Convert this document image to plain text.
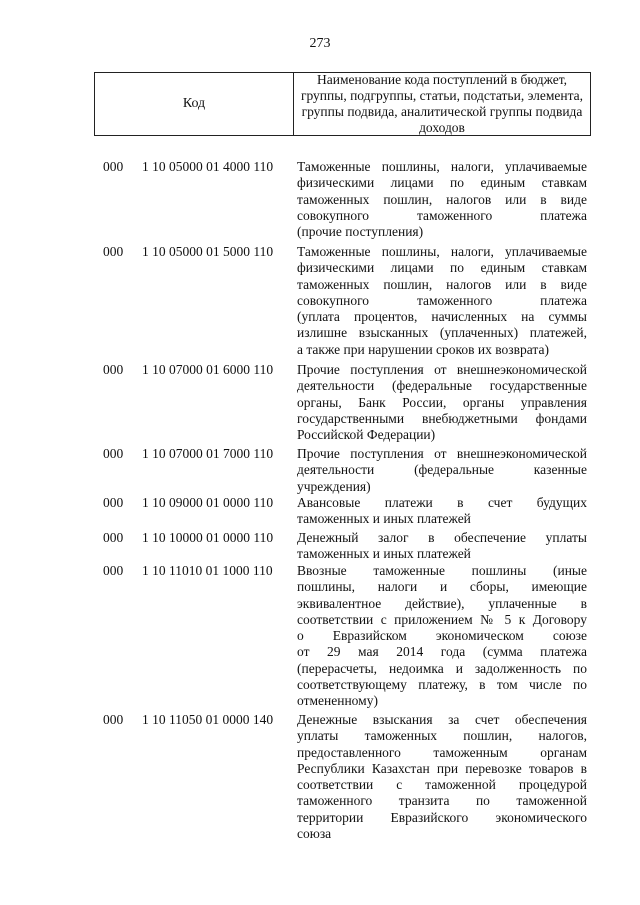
273
Код
Наименование кода поступлений в бюджет, группы, подгруппы, статьи, подстатьи, элемента, группы подвида, аналитической группы подвида доходов
000 1 10 05000 01 4000 110 Таможенные пошлины, налоги, уплачиваемые
физическими лицами по единым ставкам
таможенных пошлин, налогов или в виде
совокупного таможенного платежа
(прочие поступления)
000 1 10 05000 01 5000 110 Таможенные пошлины, налоги, уплачиваемые
физическими лицами по единым ставкам
таможенных пошлин, налогов или в виде
совокупного таможенного платежа
(уплата процентов, начисленных на суммы
излишне взысканных (уплаченных) платежей,
а также при нарушении сроков их возврата)
000 1 10 07000 01 6000 110 Прочие поступления от внешнеэкономической
деятельности (федеральные государственные
органы, Банк России, органы управления
государственными внебюджетными фондами
Российской Федерации)
000 1 10 07000 01 7000 110 Прочие поступления от внешнеэкономической
деятельности (федеральные казенные
учреждения)
000 1 10 09000 01 0000 110 Авансовые платежи в счет будущих
таможенных и иных платежей
000 1 10 10000 01 0000 110 Денежный залог в обеспечение уплаты
таможенных и иных платежей
000 1 10 11010 01 1000 110 Ввозные таможенные пошлины (иные
пошлины, налоги и сборы, имеющие
эквивалентное действие), уплаченные в
соответствии с приложением № 5 к Договору
о Евразийском экономическом союзе
от 29 мая 2014 года (сумма платежа
(перерасчеты, недоимка и задолженность по
соответствующему платежу, в том числе по
отмененному)
000 1 10 11050 01 0000 140 Денежные взыскания за счет обеспечения
уплаты таможенных пошлин, налогов,
предоставленного таможенным органам
Республики Казахстан при перевозке товаров в
соответствии с таможенной процедурой
таможенного транзита по таможенной
территории Евразийского экономического
союза
